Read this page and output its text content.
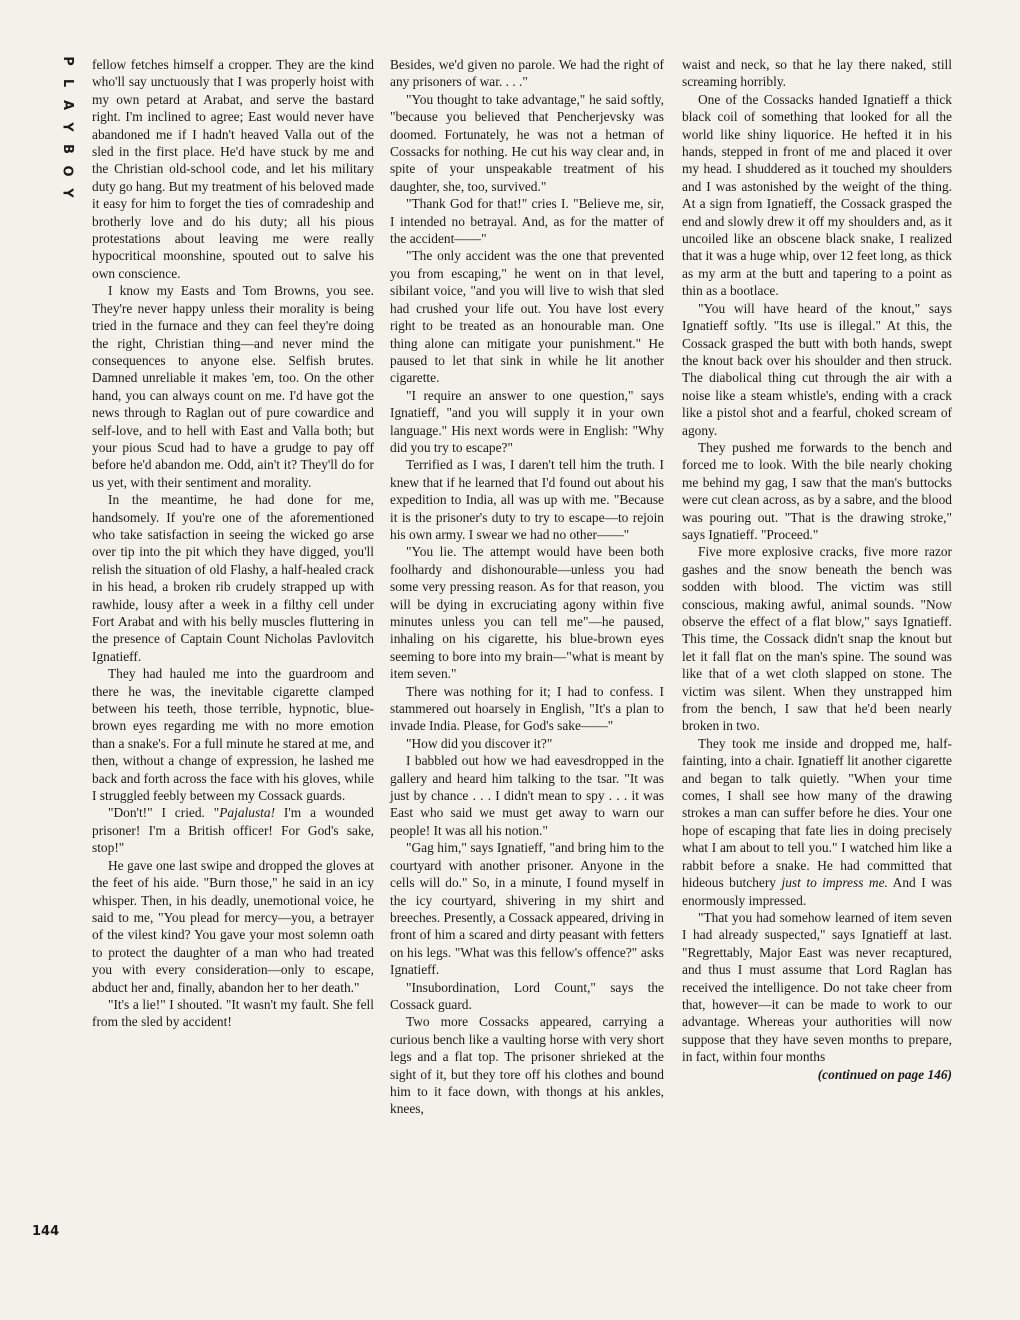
P
L
A
Y
B
O
Y
144

fellow fetches himself a cropper. They are the kind who'll say unctuously that I was properly hoist with my own petard at Arabat, and serve the bastard right. I'm inclined to agree; East would never have abandoned me if I hadn't heaved Valla out of the sled in the first place. He'd have stuck by me and the Christian old-school code, and let his military duty go hang. But my treatment of his beloved made it easy for him to forget the ties of comradeship and brotherly love and do his duty; all his pious protestations about leaving me were really hypocritical moonshine, spouted out to salve his own conscience.

I know my Easts and Tom Browns, you see. They're never happy unless their morality is being tried in the furnace and they can feel they're doing the right, Christian thing—and never mind the consequences to anyone else. Selfish brutes. Damned unreliable it makes 'em, too. On the other hand, you can always count on me. I'd have got the news through to Raglan out of pure cowardice and self-love, and to hell with East and Valla both; but your pious Scud had to have a grudge to pay off before he'd abandon me. Odd, ain't it? They'll do for us yet, with their sentiment and morality.

In the meantime, he had done for me, handsomely. If you're one of the aforementioned who take satisfaction in seeing the wicked go arse over tip into the pit which they have digged, you'll relish the situation of old Flashy, a half-healed crack in his head, a broken rib crudely strapped up with rawhide, lousy after a week in a filthy cell under Fort Arabat and with his belly muscles fluttering in the presence of Captain Count Nicholas Pavlovitch Ignatieff.

They had hauled me into the guardroom and there he was, the inevitable cigarette clamped between his teeth, those terrible, hypnotic, blue-brown eyes regarding me with no more emotion than a snake's. For a full minute he stared at me, and then, without a change of expression, he lashed me back and forth across the face with his gloves, while I struggled feebly between my Cossack guards.

"Don't!" I cried. "Pajalusta! I'm a wounded prisoner! I'm a British officer! For God's sake, stop!"

He gave one last swipe and dropped the gloves at the feet of his aide. "Burn those," he said in an icy whisper. Then, in his deadly, unemotional voice, he said to me, "You plead for mercy—you, a betrayer of the vilest kind? You gave your most solemn oath to protect the daughter of a man who had treated you with every consideration—only to escape, abduct her and, finally, abandon her to her death."

"It's a lie!" I shouted. "It wasn't my fault. She fell from the sled by accident!

Besides, we'd given no parole. We had the right of any prisoners of war. . . ."

"You thought to take advantage," he said softly, "because you believed that Pencherjevsky was doomed. Fortunately, he was not a hetman of Cossacks for nothing. He cut his way clear and, in spite of your unspeakable treatment of his daughter, she, too, survived."

"Thank God for that!" cries I. "Believe me, sir, I intended no betrayal. And, as for the matter of the accident——"

"The only accident was the one that prevented you from escaping," he went on in that level, sibilant voice, "and you will live to wish that sled had crushed your life out. You have lost every right to be treated as an honourable man. One thing alone can mitigate your punishment." He paused to let that sink in while he lit another cigarette.

"I require an answer to one question," says Ignatieff, "and you will supply it in your own language." His next words were in English: "Why did you try to escape?"

Terrified as I was, I daren't tell him the truth. I knew that if he learned that I'd found out about his expedition to India, all was up with me. "Because it is the prisoner's duty to try to escape—to rejoin his own army. I swear we had no other——"

"You lie. The attempt would have been both foolhardy and dishonourable—unless you had some very pressing reason. As for that reason, you will be dying in excruciating agony within five minutes unless you can tell me"—he paused, inhaling on his cigarette, his blue-brown eyes seeming to bore into my brain—"what is meant by item seven."

There was nothing for it; I had to confess. I stammered out hoarsely in English, "It's a plan to invade India. Please, for God's sake——"

"How did you discover it?"

I babbled out how we had eavesdropped in the gallery and heard him talking to the tsar. "It was just by chance . . . I didn't mean to spy . . . it was East who said we must get away to warn our people! It was all his notion."

"Gag him," says Ignatieff, "and bring him to the courtyard with another prisoner. Anyone in the cells will do." So, in a minute, I found myself in the icy courtyard, shivering in my shirt and breeches. Presently, a Cossack appeared, driving in front of him a scared and dirty peasant with fetters on his legs. "What was this fellow's offence?" asks Ignatieff.

"Insubordination, Lord Count," says the Cossack guard.

Two more Cossacks appeared, carrying a curious bench like a vaulting horse with very short legs and a flat top. The prisoner shrieked at the sight of it, but they tore off his clothes and bound him to it face down, with thongs at his ankles, knees,

waist and neck, so that he lay there naked, still screaming horribly.

One of the Cossacks handed Ignatieff a thick black coil of something that looked for all the world like shiny liquorice. He hefted it in his hands, stepped in front of me and placed it over my head. I shuddered as it touched my shoulders and I was astonished by the weight of the thing. At a sign from Ignatieff, the Cossack grasped the end and slowly drew it off my shoulders and, as it uncoiled like an obscene black snake, I realized that it was a huge whip, over 12 feet long, as thick as my arm at the butt and tapering to a point as thin as a bootlace.

"You will have heard of the knout," says Ignatieff softly. "Its use is illegal." At this, the Cossack grasped the butt with both hands, swept the knout back over his shoulder and then struck. The diabolical thing cut through the air with a noise like a steam whistle's, ending with a crack like a pistol shot and a fearful, choked scream of agony.

They pushed me forwards to the bench and forced me to look. With the bile nearly choking me behind my gag, I saw that the man's buttocks were cut clean across, as by a sabre, and the blood was pouring out. "That is the drawing stroke," says Ignatieff. "Proceed."

Five more explosive cracks, five more razor gashes and the snow beneath the bench was sodden with blood. The victim was still conscious, making awful, animal sounds. "Now observe the effect of a flat blow," says Ignatieff. This time, the Cossack didn't snap the knout but let it fall flat on the man's spine. The sound was like that of a wet cloth slapped on stone. The victim was silent. When they unstrapped him from the bench, I saw that he'd been nearly broken in two.

They took me inside and dropped me, half-fainting, into a chair. Ignatieff lit another cigarette and began to talk quietly. "When your time comes, I shall see how many of the drawing strokes a man can suffer before he dies. Your one hope of escaping that fate lies in doing precisely what I am about to tell you." I watched him like a rabbit before a snake. He had committed that hideous butchery just to impress me. And I was enormously impressed.

"That you had somehow learned of item seven I had already suspected," says Ignatieff at last. "Regrettably, Major East was never recaptured, and thus I must assume that Lord Raglan has received the intelligence. Do not take cheer from that, however—it can be made to work to our advantage. Whereas your authorities will now suppose that they have seven months to prepare, in fact, within four months

(continued on page 146)
